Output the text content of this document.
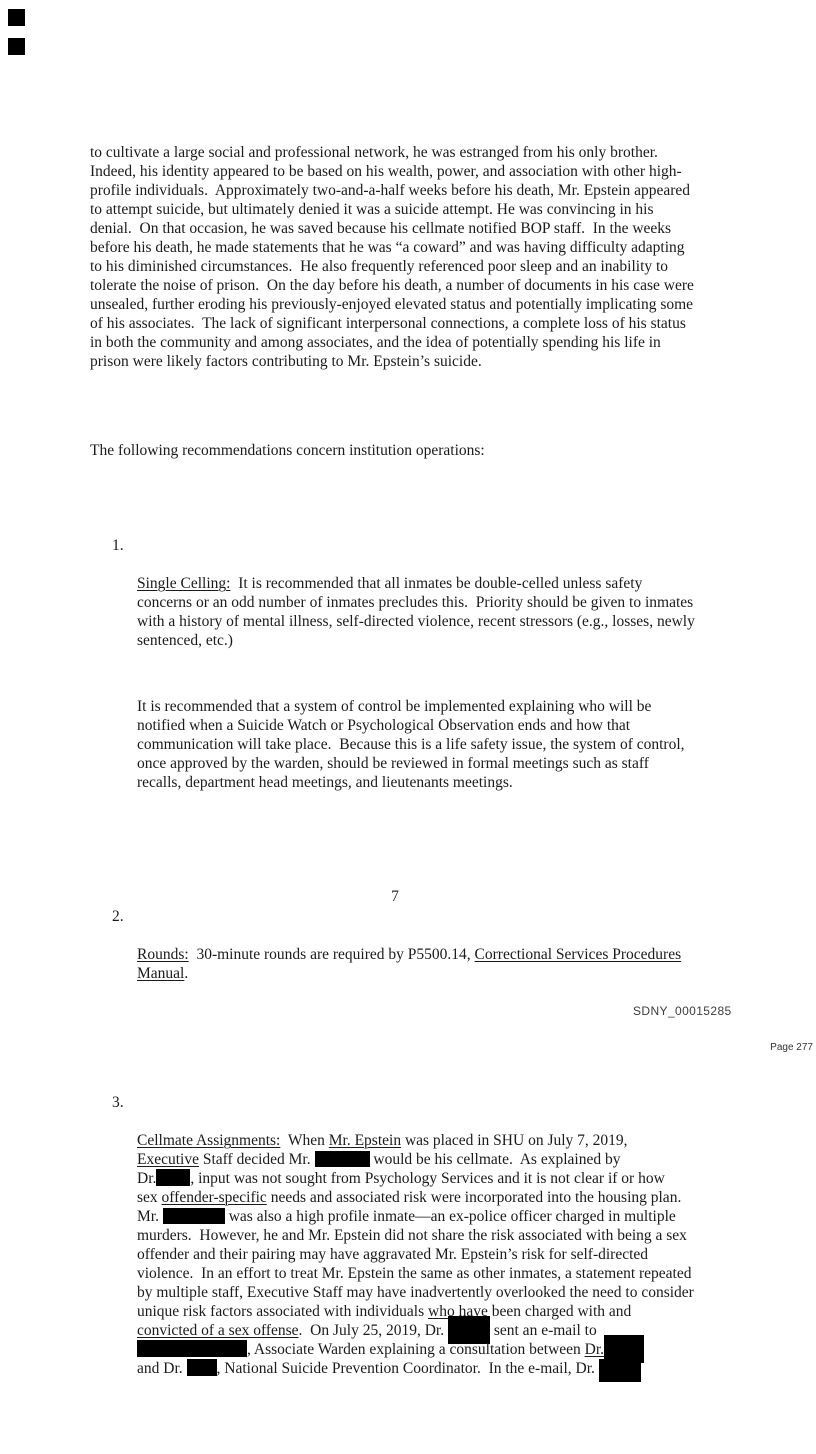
to cultivate a large social and professional network, he was estranged from his only brother.
Indeed, his identity appeared to be based on his wealth, power, and association with other high-
profile individuals.  Approximately two-and-a-half weeks before his death, Mr. Epstein appeared
to attempt suicide, but ultimately denied it was a suicide attempt. He was convincing in his
denial.  On that occasion, he was saved because his cellmate notified BOP staff.  In the weeks
before his death, he made statements that he was “a coward” and was having difficulty adapting
to his diminished circumstances.  He also frequently referenced poor sleep and an inability to
tolerate the noise of prison.  On the day before his death, a number of documents in his case were
unsealed, further eroding his previously-enjoyed elevated status and potentially implicating some
of his associates.  The lack of significant interpersonal connections, a complete loss of his status
in both the community and among associates, and the idea of potentially spending his life in
prison were likely factors contributing to Mr. Epstein’s suicide.

The following recommendations concern institution operations:

1.

Single Celling:  It is recommended that all inmates be double-celled unless safety
concerns or an odd number of inmates precludes this.  Priority should be given to inmates
with a history of mental illness, self-directed violence, recent stressors (e.g., losses, newly
sentenced, etc.)

It is recommended that a system of control be implemented explaining who will be
notified when a Suicide Watch or Psychological Observation ends and how that
communication will take place.  Because this is a life safety issue, the system of control,
once approved by the warden, should be reviewed in formal meetings such as staff
recalls, department head meetings, and lieutenants meetings.

2.

Rounds:  30-minute rounds are required by P5500.14, Correctional Services Procedures
Manual.

3.

Cellmate Assignments:  When Mr. Epstein was placed in SHU on July 7, 2019,
Executive Staff decided Mr.	would be his cellmate.  As explained by
Dr. , input was not sought from Psychology Services and it is not clear if or how
sex offender-specific needs and associated risk were incorporated into the housing plan.
Mr.	was also a high profile inmate—an ex-police officer charged in multiple
murders.  However, he and Mr. Epstein did not share the risk associated with being a sex
offender and their pairing may have aggravated Mr. Epstein’s risk for self-directed
violence.  In an effort to treat Mr. Epstein the same as other inmates, a statement repeated
by multiple staff, Executive Staff may have inadvertently overlooked the need to consider
unique risk factors associated with individuals who have been charged with and
convicted of a sex offense.  On July 25, 2019, Dr.	sent an e-mail to
, Associate Warden explaining a consultation between Dr.
and Dr. , National Suicide Prevention Coordinator.  In the e-mail, Dr.

7
SDNY_00015285
Page 277
